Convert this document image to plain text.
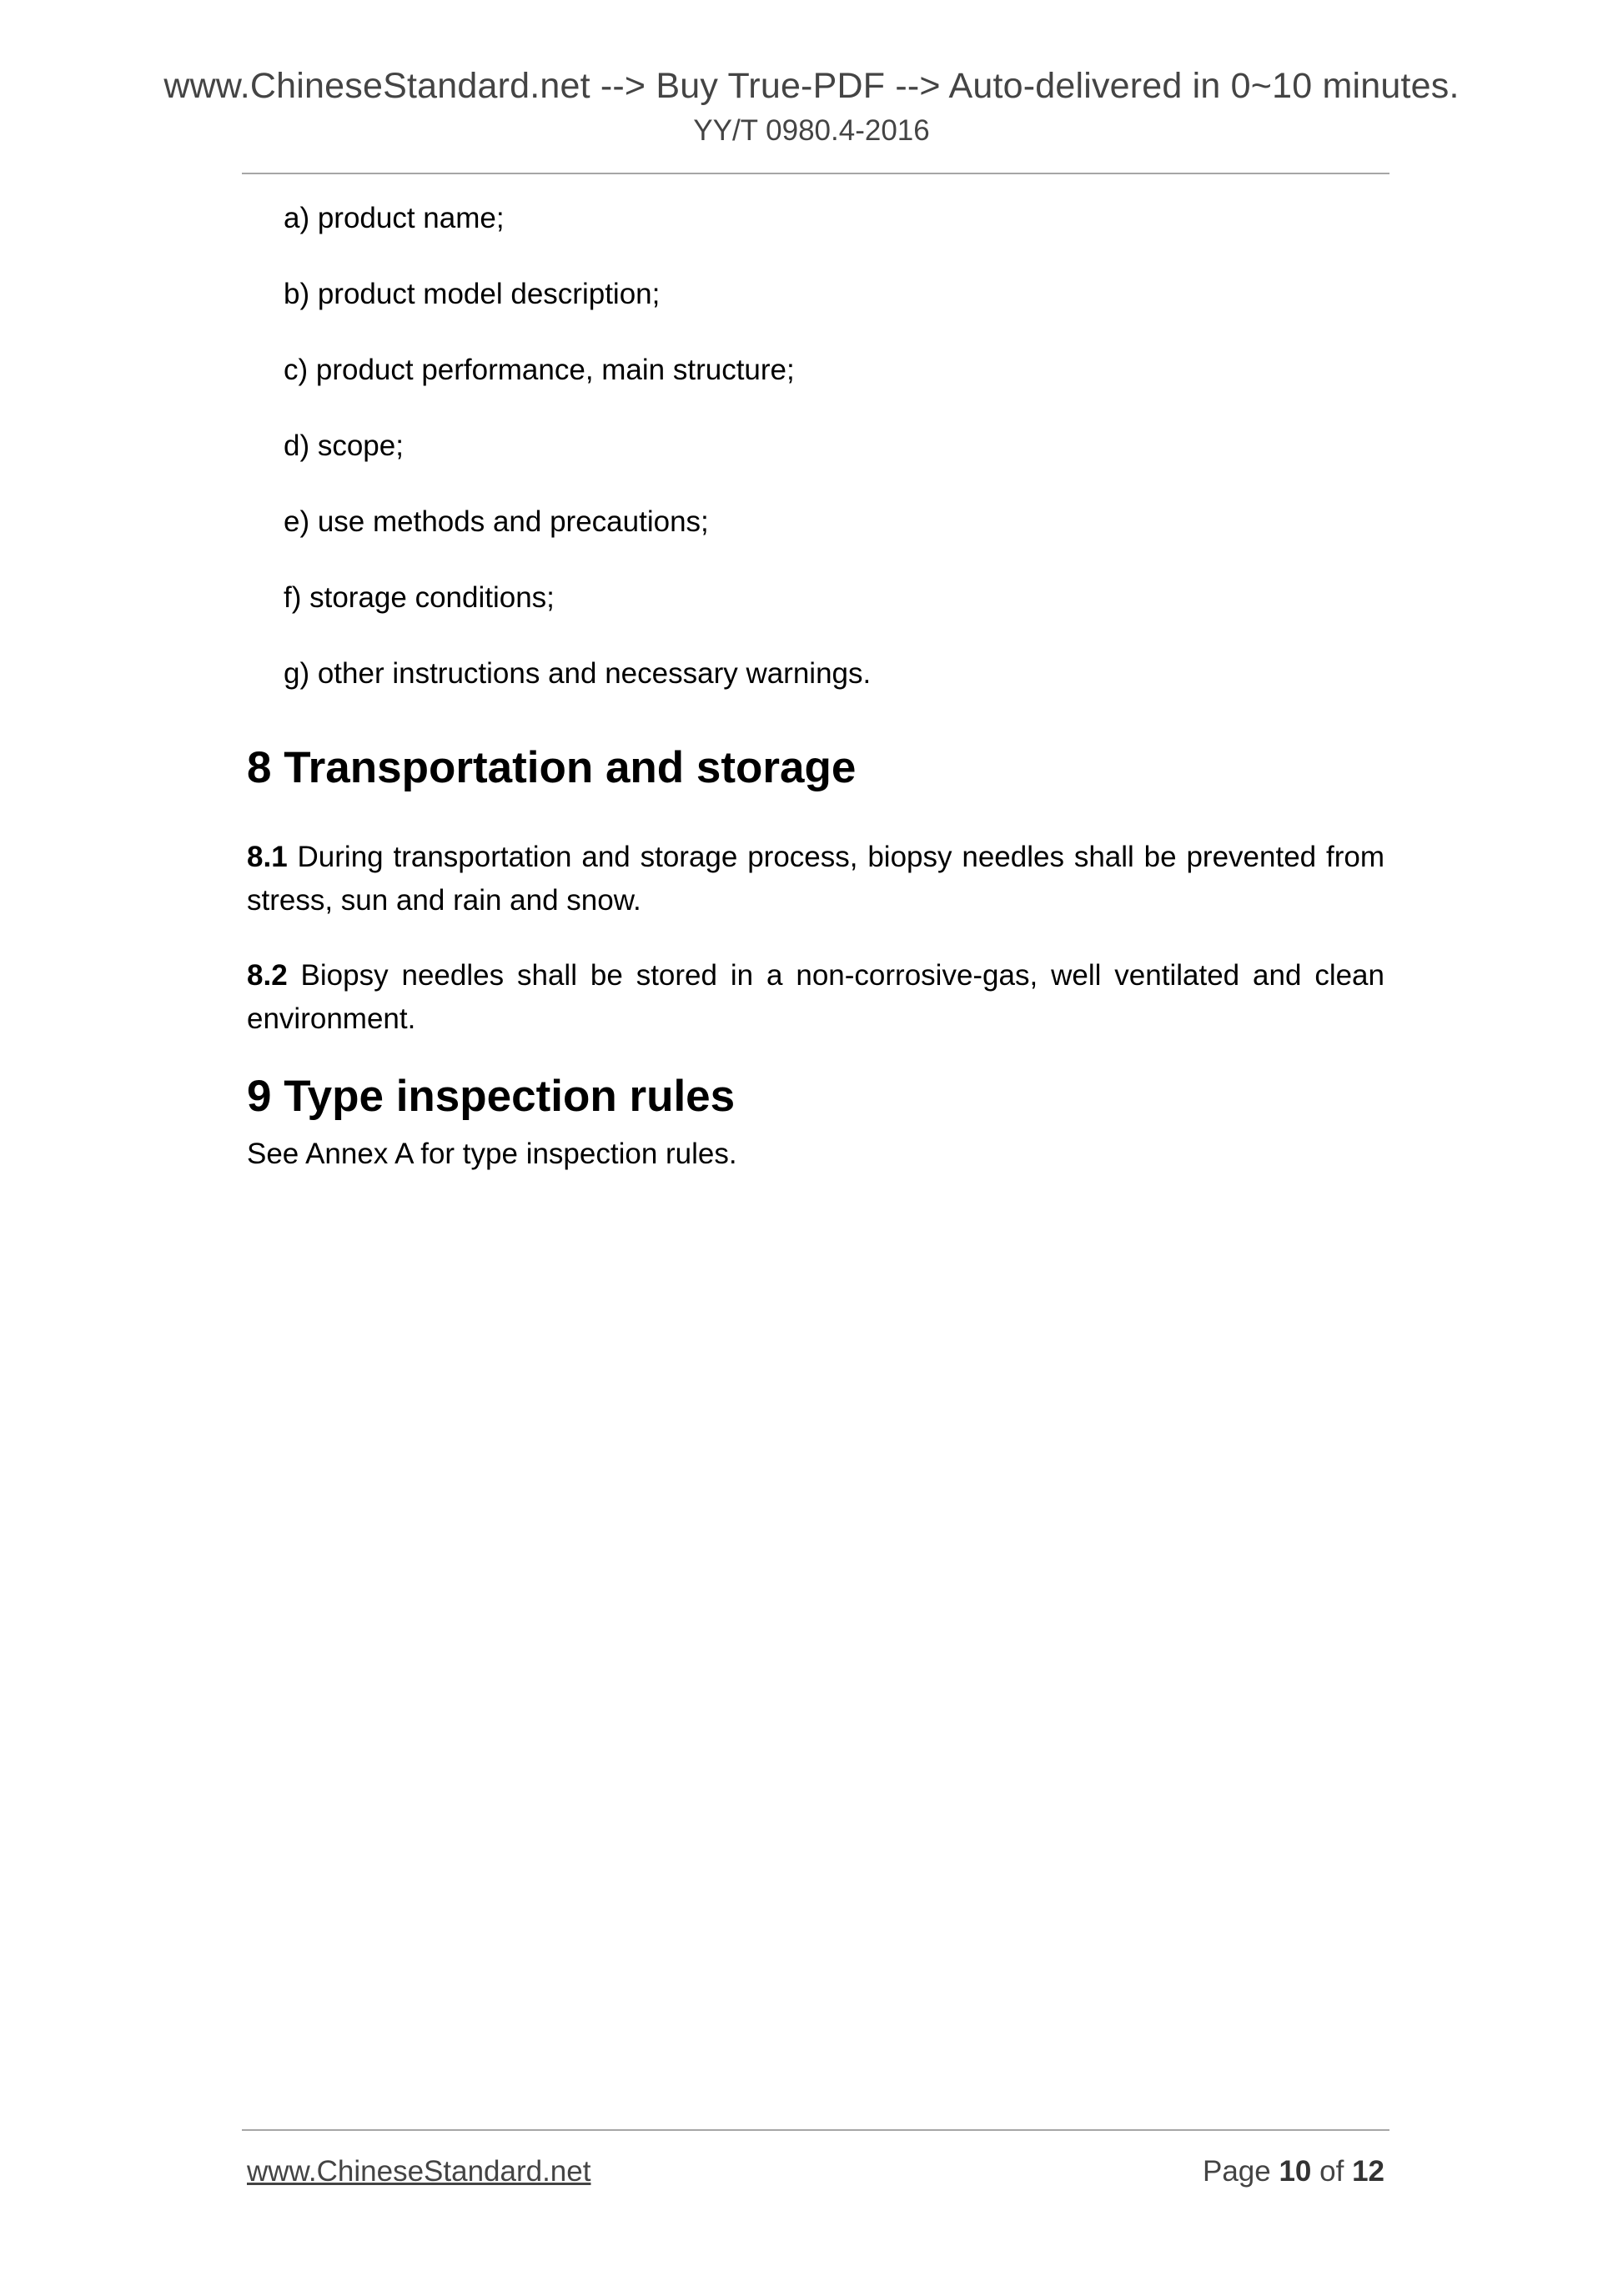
www.ChineseStandard.net --> Buy True-PDF --> Auto-delivered in 0~10 minutes.
YY/T 0980.4-2016
a) product name;
b) product model description;
c) product performance, main structure;
d) scope;
e) use methods and precautions;
f) storage conditions;
g) other instructions and necessary warnings.
8 Transportation and storage

8.1 During transportation and storage process, biopsy needles shall be prevented from stress, sun and rain and snow.

8.2 Biopsy needles shall be stored in a non-corrosive-gas, well ventilated and clean environment.

9 Type inspection rules

See Annex A for type inspection rules.

www.ChineseStandard.net	Page 10 of 12
